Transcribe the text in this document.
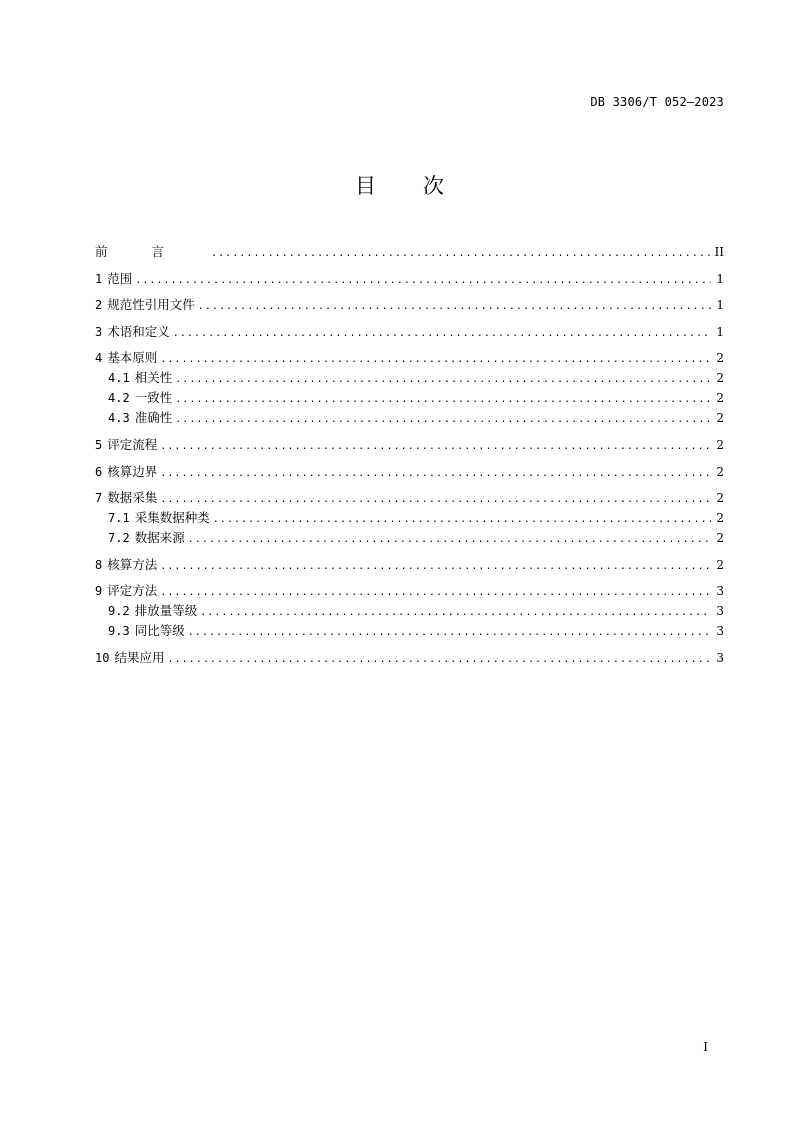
DB 3306/T 052—2023
目 次
前言 .....	II
1 范围 .....	1
2 规范性引用文件 .....	1
3 术语和定义 .....	1
4 基本原则 .....	2
4.1 相关性 .....	2
4.2 一致性 .....	2
4.3 准确性 .....	2
5 评定流程 .....	2
6 核算边界 .....	2
7 数据采集 .....	2
7.1 采集数据种类 .....	2
7.2 数据来源 .....	2
8 核算方法 .....	2
9 评定方法 .....	3
9.2 排放量等级 .....	3
9.3 同比等级 .....	3
10 结果应用 .....	3
I
